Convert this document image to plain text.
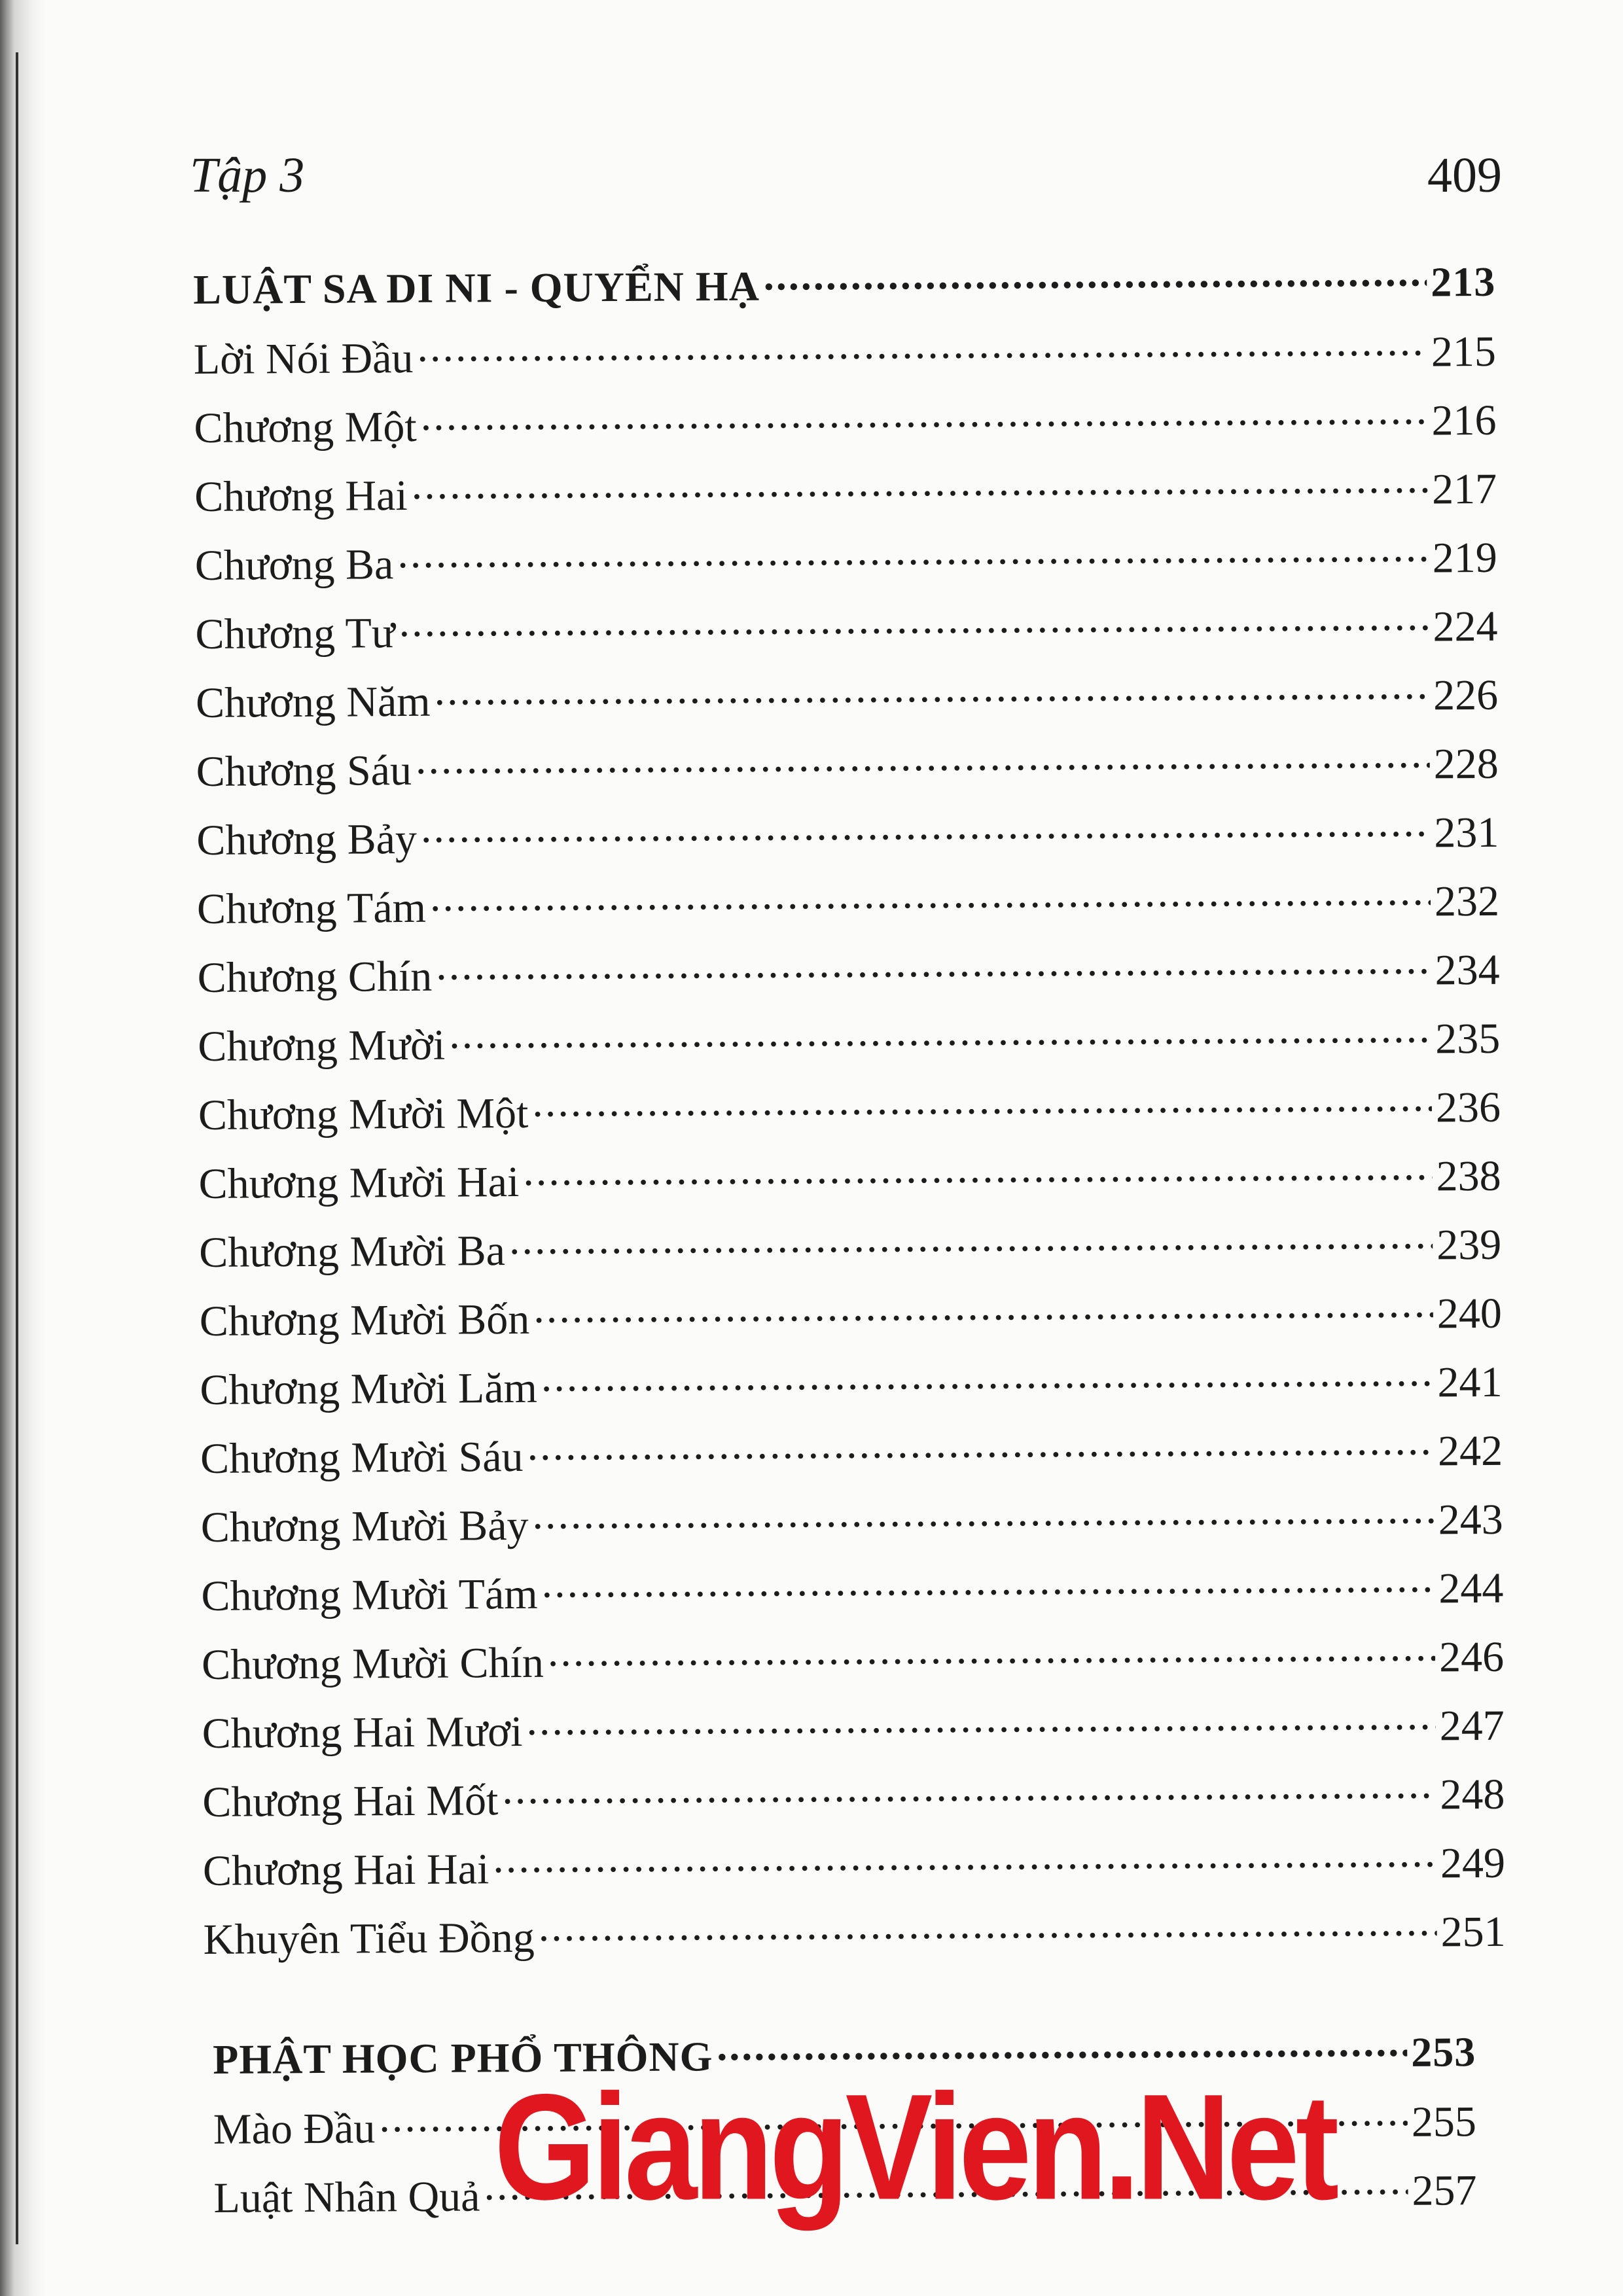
Tập 3	409
LUẬT SA DI NI - QUYỂN HẠ .....	213
Lời Nói Đầu .....	215
Chương Một .....	216
Chương Hai .....	217
Chương Ba .....	219
Chương Tư .....	224
Chương Năm .....	226
Chương Sáu .....	228
Chương Bảy .....	231
Chương Tám .....	232
Chương Chín .....	234
Chương Mười .....	235
Chương Mười Một .....	236
Chương Mười Hai .....	238
Chương Mười Ba .....	239
Chương Mười Bốn .....	240
Chương Mười Lăm .....	241
Chương Mười Sáu .....	242
Chương Mười Bảy .....	243
Chương Mười Tám .....	244
Chương Mười Chín .....	246
Chương Hai Mươi .....	247
Chương Hai Mốt .....	248
Chương Hai Hai .....	249
Khuyên Tiểu Đồng .....	251
PHẬT HỌC PHỔ THÔNG .....	253
Mào Đầu .....	255
Luật Nhân Quả .....	257
GiangVien.Net
